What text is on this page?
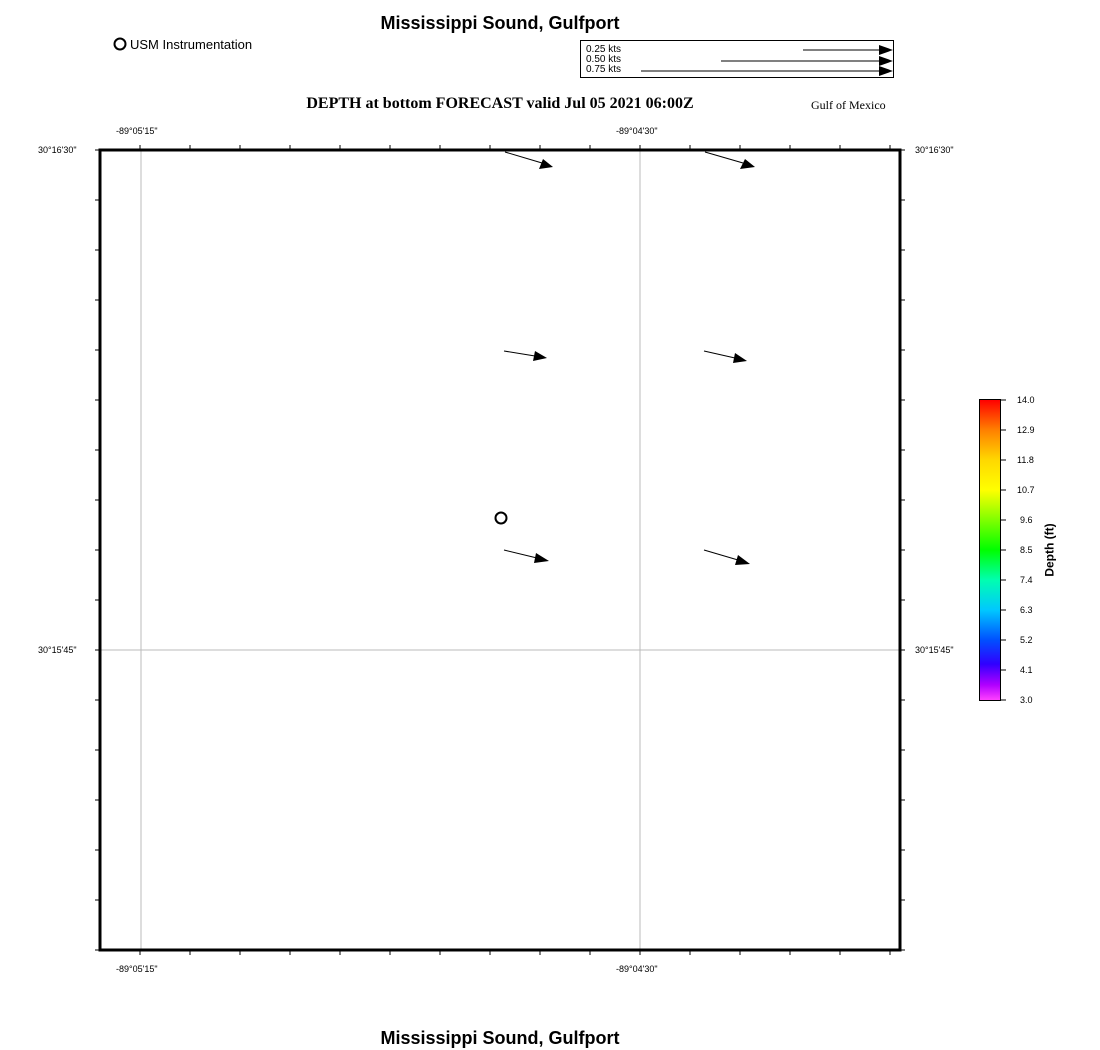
Mississippi Sound, Gulfport
USM Instrumentation	0.25 kts
0.50 kts
0.75 kts
DEPTH at bottom FORECAST valid Jul 05 2021 06:00Z	Gulf of Mexico
-89°05'15"	-89°04'30"
-89°05'15"	-89°04'30"
30°16'30"
30°15'45"
30°16'30"
30°15'45"
14.0
12.9
11.8
10.7
9.6
8.5
7.4
6.3
5.2
4.1
3.0
Depth (ft)
Mississippi Sound, Gulfport
